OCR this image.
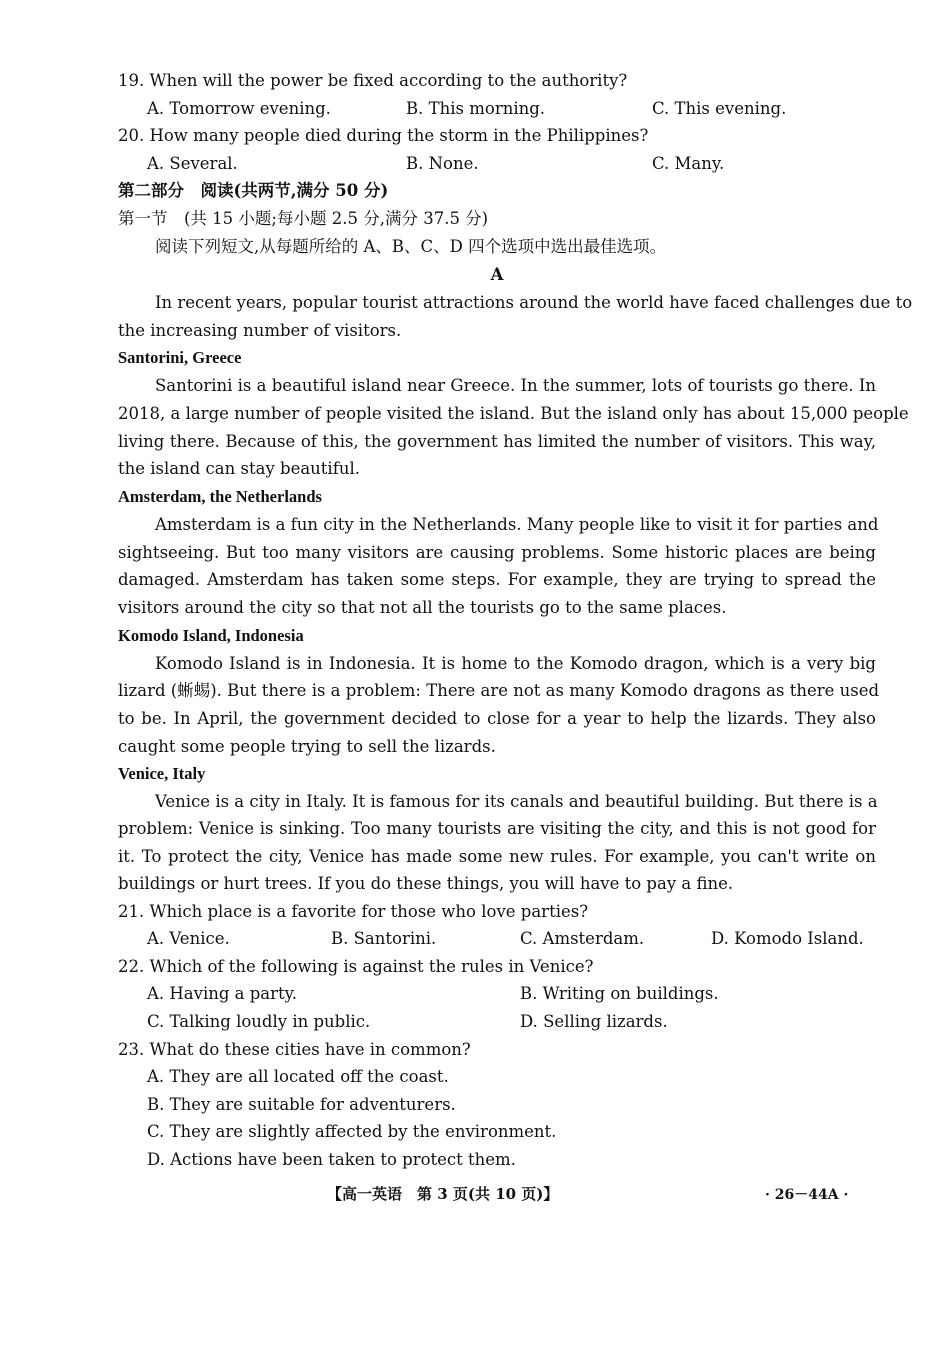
19. When will the power be fixed according to the authority?
A. Tomorrow evening.	B. This morning.	C. This evening.
20. How many people died during the storm in the Philippines?
A. Several.	B. None.	C. Many.
第二部分　阅读(共两节,满分 50 分)
第一节　(共 15 小题;每小题 2.5 分,满分 37.5 分)
阅读下列短文,从每题所给的 A、B、C、D 四个选项中选出最佳选项。
A
In recent years, popular tourist attractions around the world have faced challenges due to
the increasing number of visitors.
Santorini, Greece
Santorini is a beautiful island near Greece. In the summer, lots of tourists go there. In
2018, a large number of people visited the island. But the island only has about 15,000 people
living there. Because of this, the government has limited the number of visitors. This way,
the island can stay beautiful.
Amsterdam, the Netherlands
Amsterdam is a fun city in the Netherlands. Many people like to visit it for parties and
sightseeing. But too many visitors are causing problems. Some historic places are being
damaged. Amsterdam has taken some steps. For example, they are trying to spread the
visitors around the city so that not all the tourists go to the same places.
Komodo Island, Indonesia
Komodo Island is in Indonesia. It is home to the Komodo dragon, which is a very big
lizard (蜥蜴). But there is a problem: There are not as many Komodo dragons as there used
to be. In April, the government decided to close for a year to help the lizards. They also
caught some people trying to sell the lizards.
Venice, Italy
Venice is a city in Italy. It is famous for its canals and beautiful building. But there is a
problem: Venice is sinking. Too many tourists are visiting the city, and this is not good for
it. To protect the city, Venice has made some new rules. For example, you can't write on
buildings or hurt trees. If you do these things, you will have to pay a fine.
21. Which place is a favorite for those who love parties?
A. Venice.	B. Santorini.	C. Amsterdam.	D. Komodo Island.
22. Which of the following is against the rules in Venice?
A. Having a party.	B. Writing on buildings.
C. Talking loudly in public.	D. Selling lizards.
23. What do these cities have in common?
A. They are all located off the coast.
B. They are suitable for adventurers.
C. They are slightly affected by the environment.
D. Actions have been taken to protect them.
【高一英语　第 3 页(共 10 页)】	· 26－44A ·
